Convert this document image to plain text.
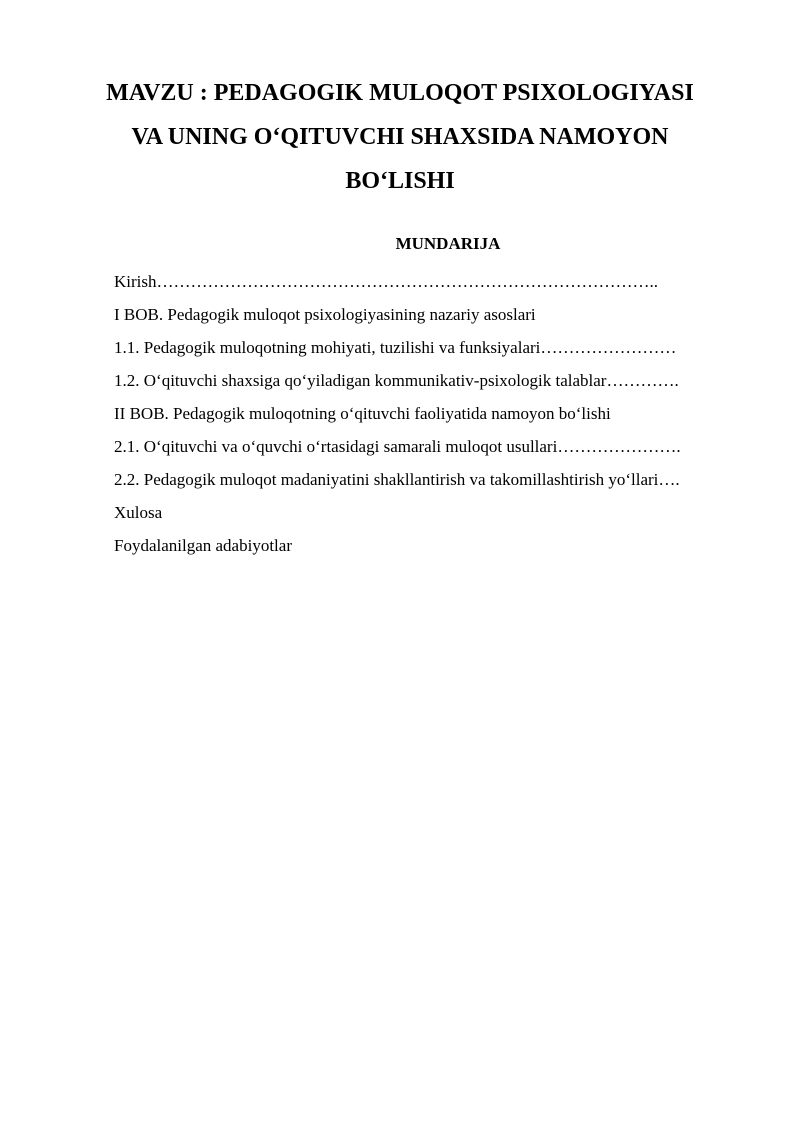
MAVZU : PEDAGOGIK MULOQOT PSIXOLOGIYASI VA UNING O‘QITUVCHI SHAXSIDA NAMOYON BO‘LISHI
MUNDARIJA
Kirish……………………………………………………………………………..
I BOB. Pedagogik muloqot psixologiyasining nazariy asoslari
1.1. Pedagogik muloqotning mohiyati, tuzilishi va funksiyalari……………………
1.2. O‘qituvchi shaxsiga qo‘yiladigan kommunikativ-psixologik talablar………….
II BOB. Pedagogik muloqotning o‘qituvchi faoliyatida namoyon bo‘lishi
2.1. O‘qituvchi va o‘quvchi o‘rtasidagi samarali muloqot usullari………………….
2.2. Pedagogik muloqot madaniyatini shakllantirish va takomillashtirish yo‘llari….
Xulosa
Foydalanilgan adabiyotlar
